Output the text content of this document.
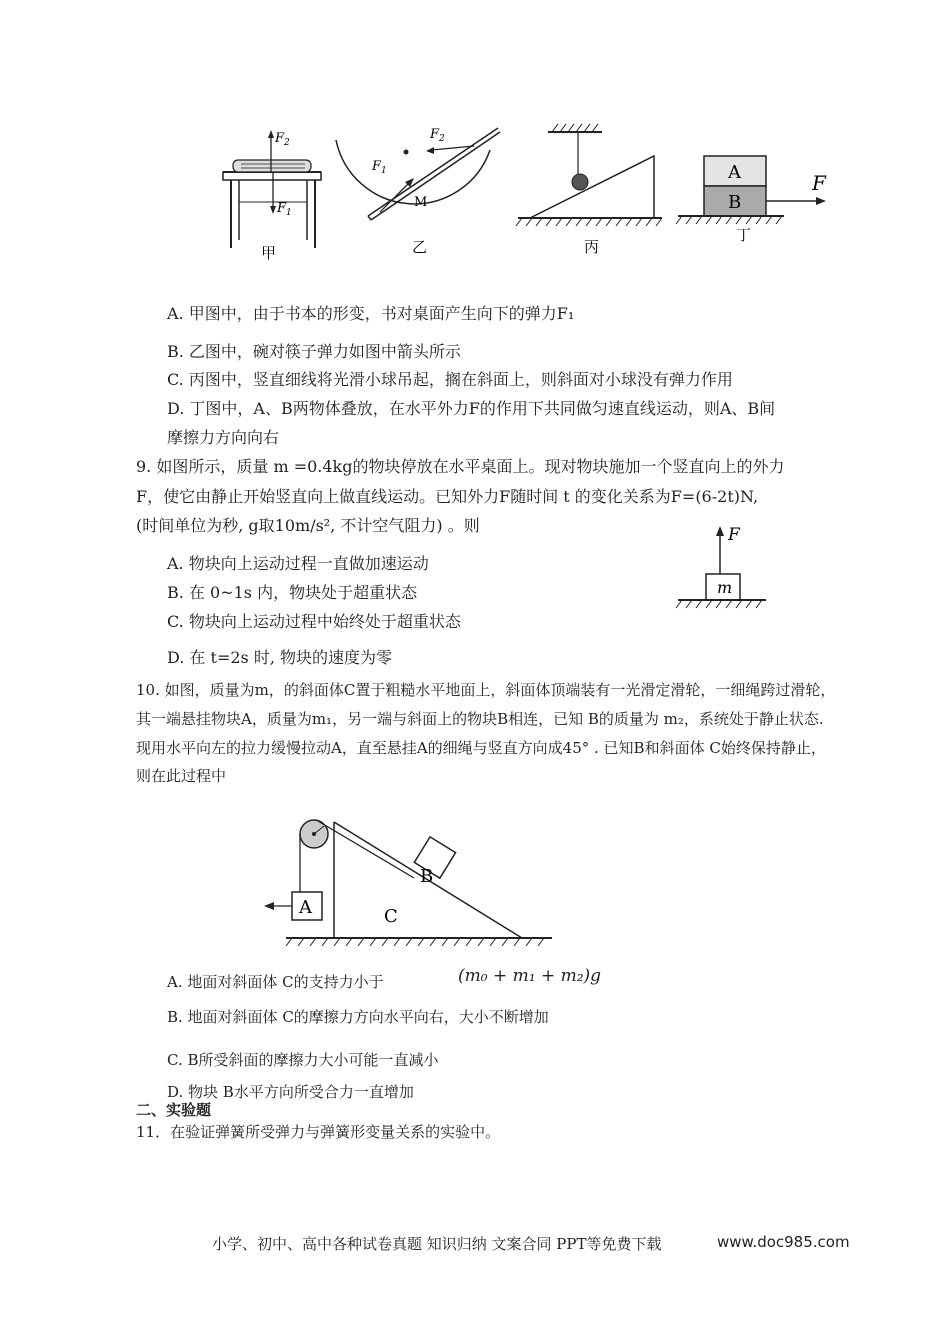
$F_2$
$F_1$
甲
$F_2$
$F_1$
M
乙	丙
A
B
F
丁
A. 甲图中，由于书本的形变，书对桌面产生向下的弹力F₁
B. 乙图中，碗对筷子弹力如图中箭头所示
C. 丙图中，竖直细线将光滑小球吊起，搁在斜面上，则斜面对小球没有弹力作用
D. 丁图中，A、B两物体叠放，在水平外力F的作用下共同做匀速直线运动，则A、B间
摩擦力方向向右
9. 如图所示，质量 m =0.4kg的物块停放在水平桌面上。现对物块施加一个竖直向上的外力
F，使它由静止开始竖直向上做直线运动。已知外力F随时间 t 的变化关系为F=(6-2t)N,
(时间单位为秒, g取10m/s², 不计空气阻力) 。则
A. 物块向上运动过程一直做加速运动
B. 在 0~1s 内，物块处于超重状态
C. 物块向上运动过程中始终处于超重状态
D. 在 t=2s 时, 物块的速度为零
F
m
10. 如图，质量为m，的斜面体C置于粗糙水平地面上，斜面体顶端装有一光滑定滑轮，一细绳跨过滑轮，
其一端悬挂物块A，质量为m₁，另一端与斜面上的物块B相连，已知 B的质量为 m₂，系统处于静止状态.
现用水平向左的拉力缓慢拉动A，直至悬挂A的细绳与竖直方向成45° . 已知B和斜面体 C始终保持静止，
则在此过程中
A
B
C
A. 地面对斜面体 C的支持力小于	(m₀ + m₁ + m₂)g
B. 地面对斜面体 C的摩擦力方向水平向右，大小不断增加
C. B所受斜面的摩擦力大小可能一直减小
D. 物块 B水平方向所受合力一直增加
二、实验题
11．在验证弹簧所受弹力与弹簧形变量关系的实验中。
小学、初中、高中各种试卷真题 知识归纳 文案合同 PPT等免费下载	www.doc985.com
